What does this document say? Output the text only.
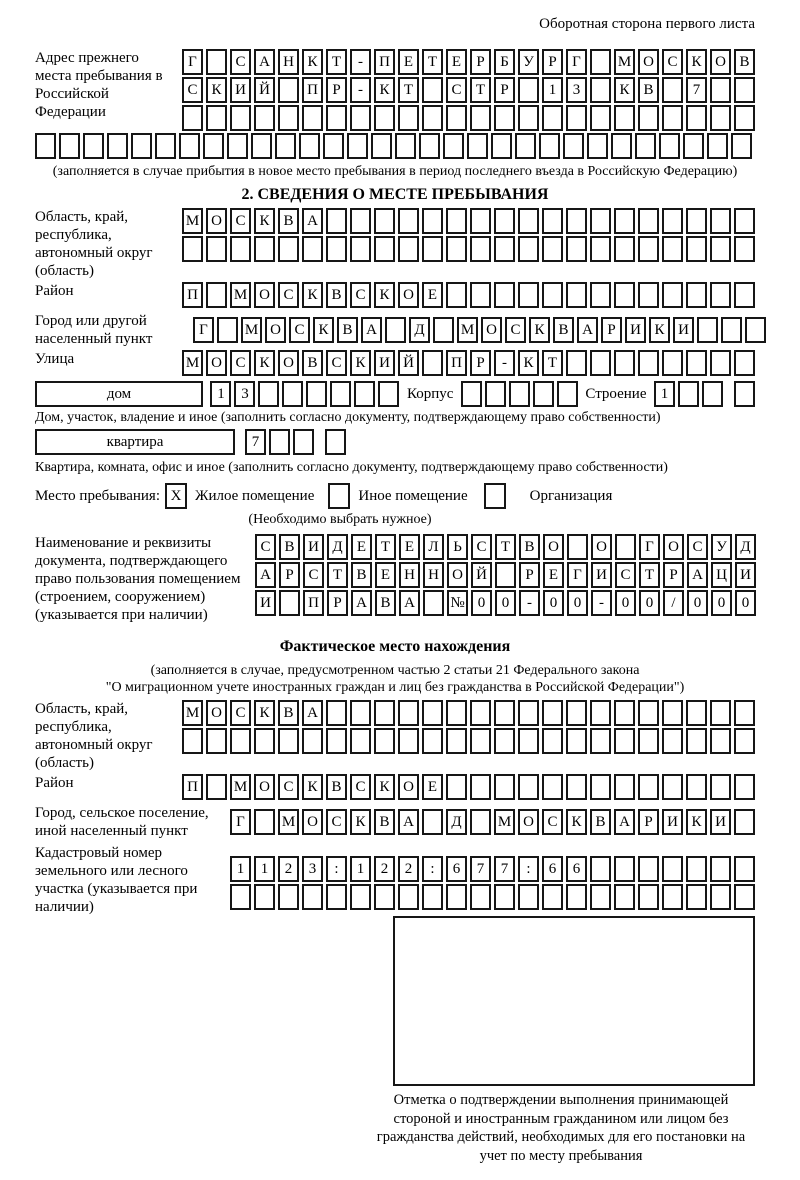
Оборотная сторона первого листа
Адрес прежнего места пребывания в Российской Федерации
Г	С А Н К Т	-	П Е Т Е	Р	Б У Р	Г	М О С К О В
С К И Й	П Р	-	К Т	С Т	Р	1	3	К В	7
(заполняется в случае прибытия в новое место пребывания в период последнего въезда в Российскую Федерацию)
2. СВЕДЕНИЯ О МЕСТЕ ПРЕБЫВАНИЯ
Область, край, республика, автономный округ (область)
М О С К В А
Район	П	М О С К В С К О Е
Город или другой населенный пункт
Г	М О С К В А	Д	М О С К В А Р И К И
Улица	М О С К О В С К И Й	П Р	-	К Т
дом	1	3	Корпус	Строение 1
Дом, участок, владение и иное (заполнить согласно документу, подтверждающему право собственности)
квартира	7
Квартира, комната, офис и иное (заполнить согласно документу, подтверждающему право собственности)
Место пребывания: X Жилое помещение	Иное помещение	Организация
(Необходимо выбрать нужное)
Наименование и реквизиты документа, подтверждающего право пользования помещением (строением, сооружением) (указывается при наличии)
С В И Д Е Т Е Л Ь С Т В О	О	Г О С У Д
А Р С Т В Е Н Н О Й	Р	Е	Г И С Т	Р А Ц И
И	П Р А В А	№ 0	0	-	0	0	-	0	0	/	0	0	0
Фактическое место нахождения
(заполняется в случае, предусмотренном частью 2 статьи 21 Федерального закона
"О миграционном учете иностранных граждан и лиц без гражданства в Российской Федерации")
Область, край, республика, автономный округ (область)
М О С К В А
Район	П	М О С К В С К О Е
Город, сельское поселение, иной населенный пункт
Г	М О С К В А	Д	М О С К В А Р И К И
Кадастровый номер земельного или лесного участка (указывается при наличии)
1	1	2	3	:	1	2	2	:	6	7	7	:	6	6
Отметка о подтверждении выполнения принимающей стороной и иностранным гражданином или лицом без гражданства действий, необходимых для его постановки на учет по месту пребывания
